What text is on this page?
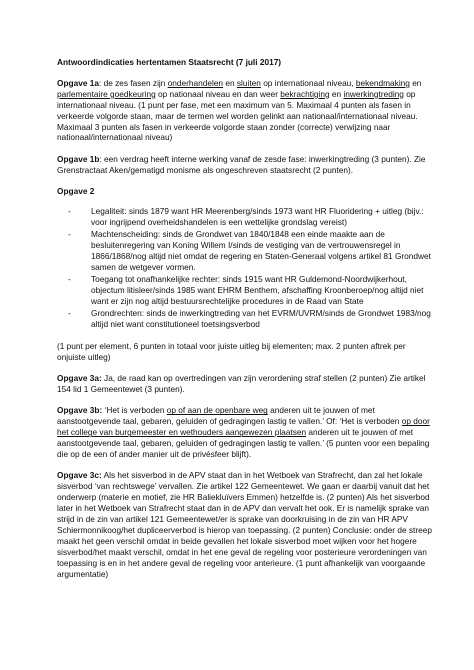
Antwoordindicaties hertentamen Staatsrecht (7 juli 2017)

Opgave 1a: de zes fasen zijn onderhandelen en sluiten op internationaal niveau, bekendmaking en parlementaire goedkeuring op nationaal niveau en dan weer bekrachtiging en inwerkingtreding op internationaal niveau. (1 punt per fase, met een maximum van 5. Maximaal 4 punten als fasen in verkeerde volgorde staan, maar de termen wel worden gelinkt aan nationaal/internationaal niveau. Maximaal 3 punten als fasen in verkeerde volgorde staan zonder (correcte) verwijzing naar nationaal/internationaal niveau)

Opgave 1b: een verdrag heeft interne werking vanaf de zesde fase: inwerkingtreding (3 punten). Zie Grenstractaat Aken/gematigd monisme als ongeschreven staatsrecht (2 punten).

Opgave 2
- Legaliteit: sinds 1879 want HR Meerenberg/sinds 1973 want HR Fluoridering + uitleg (bijv.: voor ingrijpend overheidshandelen is een wettelijke grondslag vereist)
- Machtenscheiding: sinds de Grondwet van 1840/1848 een einde maakte aan de besluitenregering van Koning Willem I/sinds de vestiging van de vertrouwensregel in 1866/1868/nog altijd niet omdat de regering en Staten-Generaal volgens artikel 81 Grondwet samen de wetgever vormen.
- Toegang tot onafhankelijke rechter: sinds 1915 want HR Guldemond-Noordwijkerhout, objectum litisleer/sinds 1985 want EHRM Benthem, afschaffing Kroonberoep/nog altijd niet want er zijn nog altijd bestuursrechtelijke procedures in de Raad van State
- Grondrechten: sinds de inwerkingtreding van het EVRM/UVRM/sinds de Grondwet 1983/nog altijd niet want constitutioneel toetsingsverbod

(1 punt per element, 6 punten in totaal voor juiste uitleg bij elementen; max. 2 punten aftrek per onjuiste uitleg)

Opgave 3a: Ja, de raad kan op overtredingen van zijn verordening straf stellen (2 punten) Zie artikel 154 lid 1 Gemeentewet (3 punten).

Opgave 3b: ‘Het is verboden op of aan de openbare weg anderen uit te jouwen of met aanstootgevende taal, gebaren, geluiden of gedragingen lastig te vallen.’ Of: ‘Het is verboden op door het college van burgemeester en wethouders aangewezen plaatsen anderen uit te jouwen of met aanstootgevende taal, gebaren, geluiden of gedragingen lastig te vallen.’ (5 punten voor een bepaling die op de een of ander manier uit de privésfeer blijft).

Opgave 3c: Als het sisverbod in de APV staat dan in het Wetboek van Strafrecht, dan zal het lokale sisverbod ‘van rechtswege’ vervallen. Zie artikel 122 Gemeentewet. We gaan er daarbij vanuit dat het onderwerp (materie en motief, zie HR Baliekluïvers Emmen) hetzelfde is. (2 punten) Als het sisverbod later in het Wetboek van Strafrecht staat dan in de APV dan vervalt het ook. Er is namelijk sprake van strijd in de zin van artikel 121 Gemeentewet/er is sprake van doorkruising in de zin van HR APV Schiermonnikoog/het dupliceerverbod is hierop van toepassing. (2 punten) Conclusie: onder de streep maakt het geen verschil omdat in beide gevallen het lokale sisverbod moet wijken voor het hogere sisverbod/het maakt verschil, omdat in het ene geval de regeling voor posterieure verordeningen van toepassing is en in het andere geval de regeling voor anterieure. (1 punt afhankelijk van voorgaande argumentatie)
